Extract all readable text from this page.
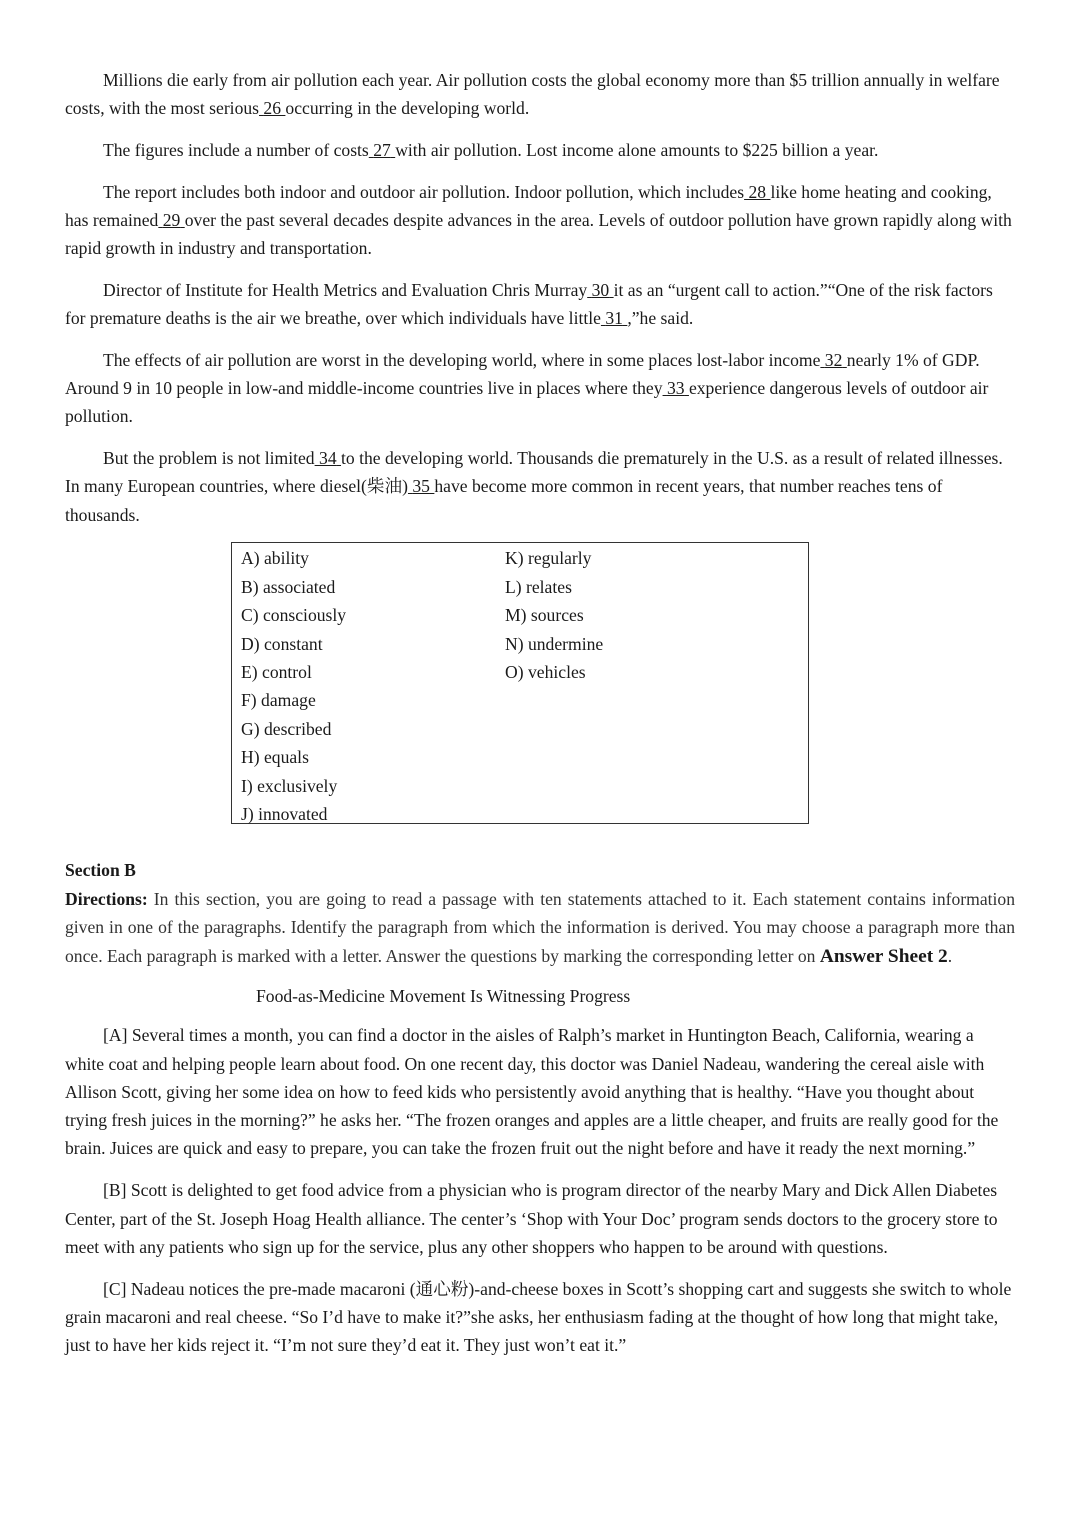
Millions die early from air pollution each year. Air pollution costs the global economy more than $5 trillion annually in welfare costs, with the most serious 26 occurring in the developing world.

The figures include a number of costs 27 with air pollution. Lost income alone amounts to $225 billion a year.

The report includes both indoor and outdoor air pollution. Indoor pollution, which includes 28 like home heating and cooking, has remained 29 over the past several decades despite advances in the area. Levels of outdoor pollution have grown rapidly along with rapid growth in industry and transportation.

Director of Institute for Health Metrics and Evaluation Chris Murray 30 it as an “urgent call to action.”“One of the risk factors for premature deaths is the air we breathe, over which individuals have little 31 ,”he said.

The effects of air pollution are worst in the developing world, where in some places lost-labor income 32 nearly 1% of GDP. Around 9 in 10 people in low-and middle-income countries live in places where they 33 experience dangerous levels of outdoor air pollution.

But the problem is not limited 34 to the developing world. Thousands die prematurely in the U.S. as a result of related illnesses. In many European countries, where diesel(柴油) 35 have become more common in recent years, that number reaches tens of thousands.

A) ability
B) associated
C) consciously
D) constant
E) control
F) damage
G) described
H) equals
I) exclusively
J) innovated
K) regularly
L) relates
M) sources
N) undermine
O) vehicles
Section B

Directions: In this section, you are going to read a passage with ten statements attached to it. Each statement contains information given in one of the paragraphs. Identify the paragraph from which the information is derived. You may choose a paragraph more than once. Each paragraph is marked with a letter. Answer the questions by marking the corresponding letter on Answer Sheet 2.

Food-as-Medicine Movement Is Witnessing Progress

[A] Several times a month, you can find a doctor in the aisles of Ralph’s market in Huntington Beach, California, wearing a white coat and helping people learn about food. On one recent day, this doctor was Daniel Nadeau, wandering the cereal aisle with Allison Scott, giving her some idea on how to feed kids who persistently avoid anything that is healthy. “Have you thought about trying fresh juices in the morning?” he asks her. “The frozen oranges and apples are a little cheaper, and fruits are really good for the brain. Juices are quick and easy to prepare, you can take the frozen fruit out the night before and have it ready the next morning.”

[B] Scott is delighted to get food advice from a physician who is program director of the nearby Mary and Dick Allen Diabetes Center, part of the St. Joseph Hoag Health alliance. The center’s ‘Shop with Your Doc’ program sends doctors to the grocery store to meet with any patients who sign up for the service, plus any other shoppers who happen to be around with questions.

[C] Nadeau notices the pre-made macaroni (通心粉)-and-cheese boxes in Scott’s shopping cart and suggests she switch to whole grain macaroni and real cheese. “So I’d have to make it?”she asks, her enthusiasm fading at the thought of how long that might take, just to have her kids reject it. “I’m not sure they’d eat it. They just won’t eat it.”
